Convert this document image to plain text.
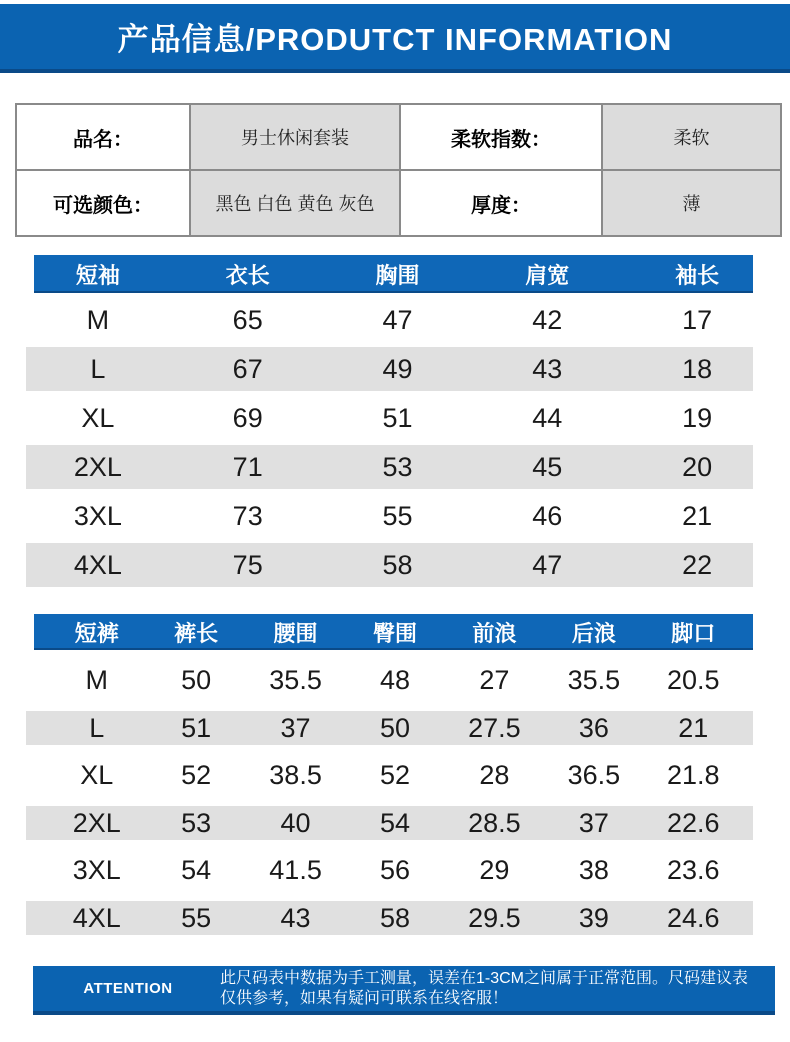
产品信息/PRODUTCT INFORMATION
品名：	男士休闲套装	柔软指数：	柔软
可选颜色：	黑色 白色 黄色 灰色	厚度：	薄
短袖	衣长	胸围	肩宽	袖长
M	65	47	42	17
L	67	49	43	18
XL	69	51	44	19
2XL	71	53	45	20
3XL	73	55	46	21
4XL	75	58	47	22
短裤	裤长	腰围	臀围	前浪	后浪	脚口
M	50	35.5	48	27	35.5	20.5
L	51	37	50	27.5	36	21
XL	52	38.5	52	28	36.5	21.8
2XL	53	40	54	28.5	37	22.6
3XL	54	41.5	56	29	38	23.6
4XL	55	43	58	29.5	39	24.6
ATTENTION
此尺码表中数据为手工测量，误差在1-3CM之间属于正常范围。尺码建议表
仅供参考，如果有疑问可联系在线客服！
